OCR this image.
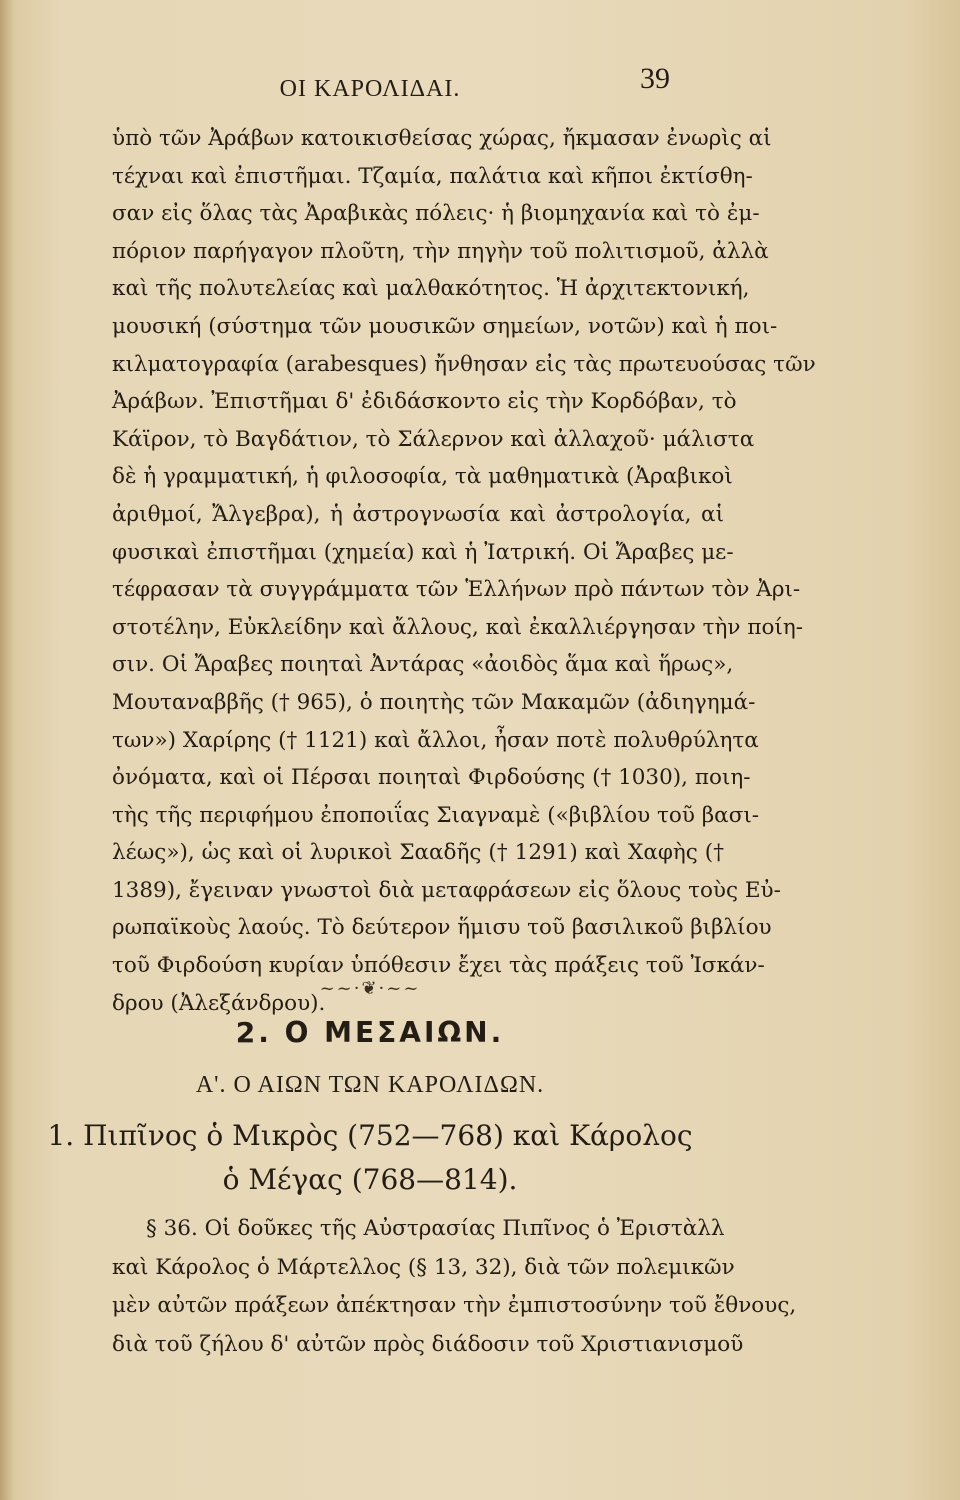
ΟΙ ΚΑΡΟΛΙΔΑΙ.	39
ὑπὸ τῶν Ἀράβων κατοικισθείσας χώρας, ἤκμασαν ἐνωρὶς αἱ
τέχναι καὶ ἐπιστῆμαι. Τζαμία, παλάτια καὶ κῆποι ἐκτίσθη-
σαν εἰς ὅλας τὰς Ἀραβικὰς πόλεις· ἡ βιομηχανία καὶ τὸ ἐμ-
πόριον παρήγαγον πλοῦτη, τὴν πηγὴν τοῦ πολιτισμοῦ, ἀλλὰ
καὶ τῆς πολυτελείας καὶ μαλθακότητος. Ἡ ἀρχιτεκτονική,
μουσική (σύστημα τῶν μουσικῶν σημείων, νοτῶν) καὶ ἡ ποι-
κιλματογραφία (arabesques) ἤνθησαν εἰς τὰς πρωτευούσας τῶν
Ἀράβων. Ἐπιστῆμαι δ' ἐδιδάσκοντο εἰς τὴν Κορδόβαν, τὸ
Κάϊρον, τὸ Βαγδάτιον, τὸ Σάλερνον καὶ ἀλλαχοῦ· μάλιστα
δὲ ἡ γραμματική, ἡ φιλοσοφία, τὰ μαθηματικὰ (Ἀραβικοὶ
ἀριθμοί, Ἄλγεβρα), ἡ ἀστρογνωσία καὶ ἀστρολογία, αἱ
φυσικαὶ ἐπιστῆμαι (χημεία) καὶ ἡ Ἰατρική. Οἱ Ἄραβες με-
τέφρασαν τὰ συγγράμματα τῶν Ἑλλήνων πρὸ πάντων τὸν Ἀρι-
στοτέλην, Εὐκλείδην καὶ ἄλλους, καὶ ἐκαλλιέργησαν τὴν ποίη-
σιν. Οἱ Ἄραβες ποιηταὶ Ἀντάρας «ἀοιδὸς ἅμα καὶ ἥρως»,
Μουταναββῆς († 965), ὁ ποιητὴς τῶν Μακαμῶν (ἀδιηγημά-
των») Χαρίρης († 1121) καὶ ἄλλοι, ἦσαν ποτὲ πολυθρύλητα
ὀνόματα, καὶ οἱ Πέρσαι ποιηταὶ Φιρδούσης († 1030), ποιη-
τὴς τῆς περιφήμου ἐποποιΐας Σιαγναμὲ («βιβλίου τοῦ βασι-
λέως»), ὡς καὶ οἱ λυρικοὶ Σααδῆς († 1291) καὶ Χαφὴς (†
1389), ἔγειναν γνωστοὶ διὰ μεταφράσεων εἰς ὅλους τοὺς Εὐ-
ρωπαϊκοὺς λαούς. Τὸ δεύτερον ἥμισυ τοῦ βασιλικοῦ βιβλίου
τοῦ Φιρδούση κυρίαν ὑπόθεσιν ἔχει τὰς πράξεις τοῦ Ἰσκάν-
δρου (Ἀλεξάνδρου).
~~·❦·~~
2. Ο ΜΕΣΑΙΩΝ.
Α'. Ο ΑΙΩΝ ΤΩΝ ΚΑΡΟΛΙΔΩΝ.
1. Πιπῖνος ὁ Μικρὸς (752—768) καὶ Κάρολος
ὁ Μέγας (768—814).
§ 36. Οἱ δοῦκες τῆς Αὐστρασίας Πιπῖνος ὁ Ἐριστὰλλ
καὶ Κάρολος ὁ Μάρτελλος (§ 13, 32), διὰ τῶν πολεμικῶν
μὲν αὐτῶν πράξεων ἀπέκτησαν τὴν ἐμπιστοσύνην τοῦ ἔθνους,
διὰ τοῦ ζήλου δ' αὐτῶν πρὸς διάδοσιν τοῦ Χριστιανισμοῦ
